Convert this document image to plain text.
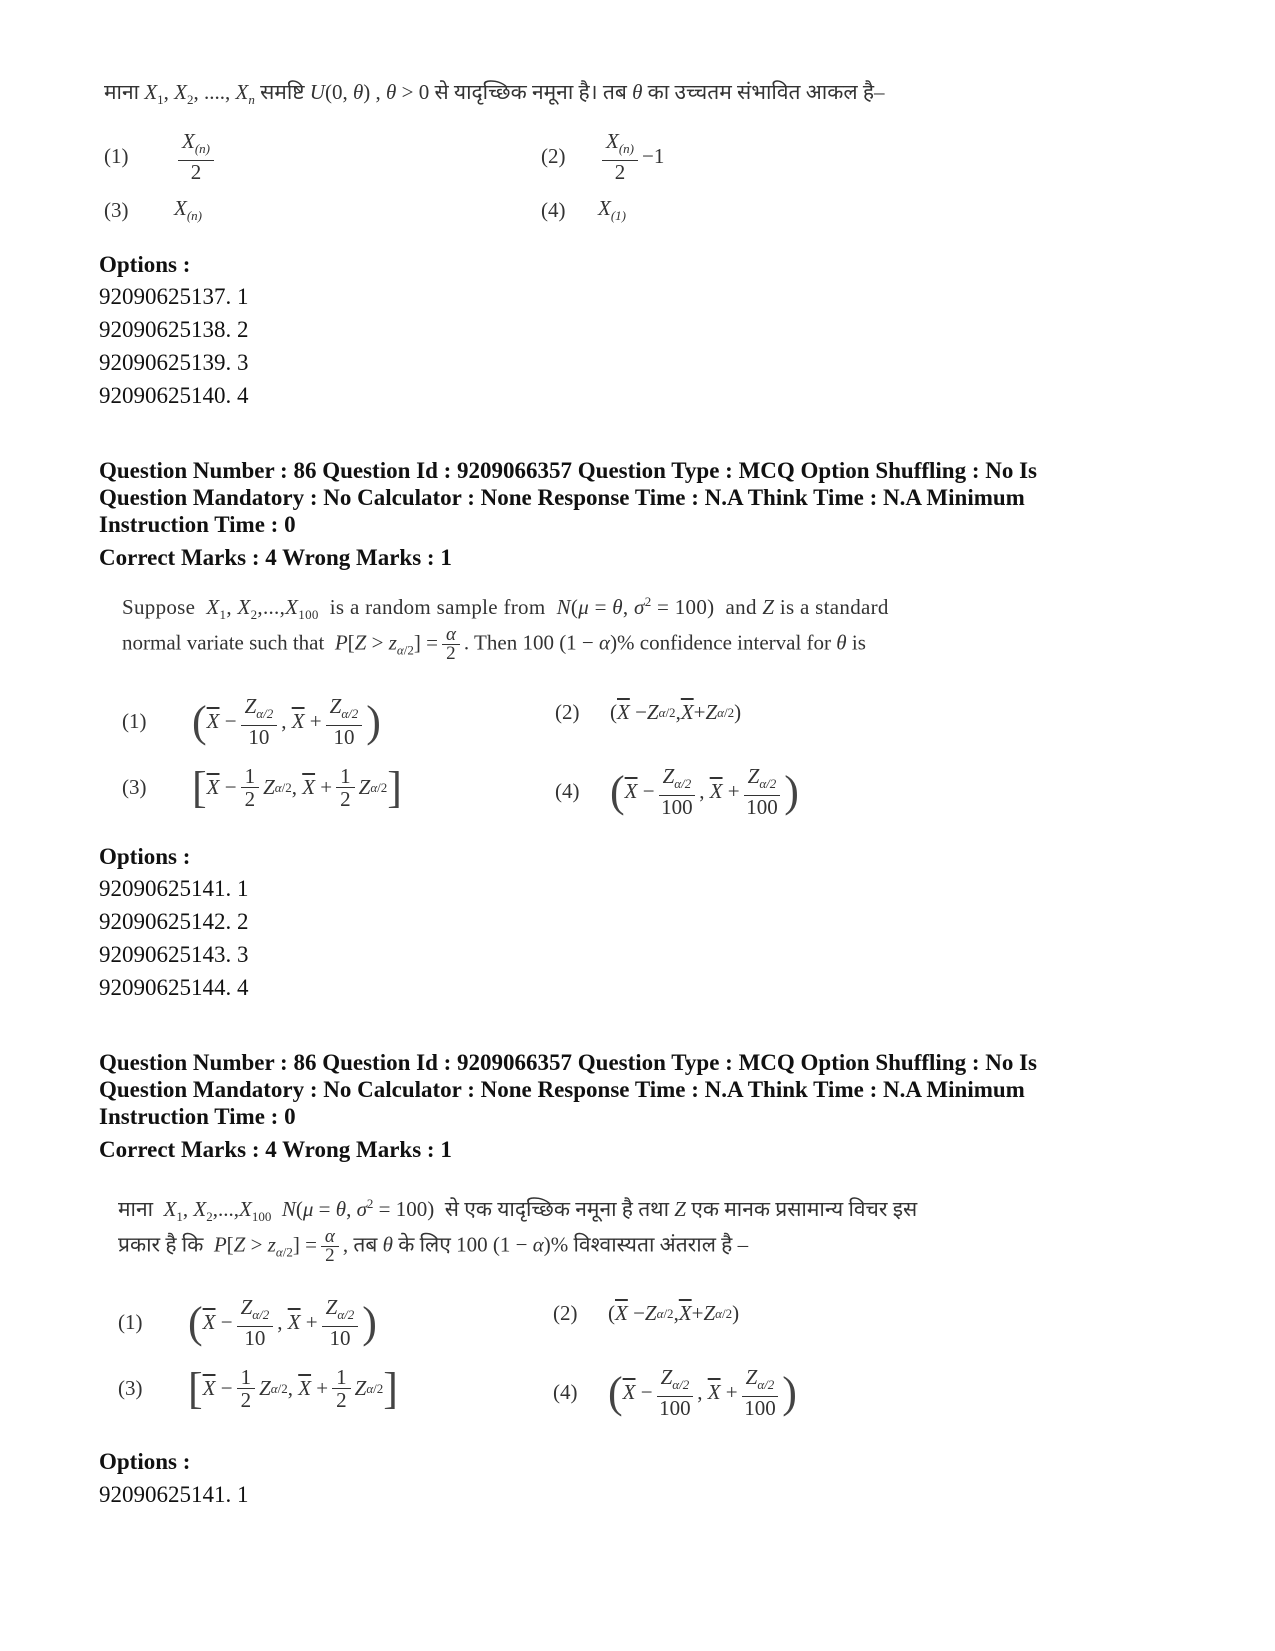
माना $X_1$, $X_2$, ...., $X_n$ समष्टि U(0, θ) , θ > 0 से यादृच्छिक नमूना है। तब θ का उच्चतम संभावित आकल है–
(1)	$\frac{X_{(n)}}{2}$	(2)	$\frac{X_{(n)}}{2} -1$
(3)	$X_{(n)}$	(4)	$X_{(1)}$
Options :
92090625137. 1
92090625138. 2
92090625139. 3
92090625140. 4
Question Number : 86 Question Id : 9209066357 Question Type : MCQ Option Shuffling : No Is
Question Mandatory : No Calculator : None Response Time : N.A Think Time : N.A Minimum
Instruction Time : 0
Correct Marks : 4 Wrong Marks : 1
Suppose  $X_1$, $X_2,...,X_{100}$  is a random sample from  N(μ = θ, $\sigma^2 = 100$)  and Z is a standard
normal variate such that  $P[Z > z_{\alpha/2}] = \frac{\alpha}{2}$ . Then 100 (1 − α)% confidence interval for θ is
(1)	( $\overline{X} - \frac{Z_{\alpha/2}}{10}$ , $\overline{X} + \frac{Z_{\alpha/2}}{10}$ )	(2)	( $\overline{X} - Z$ α/2 , $\overline{X} + Z$ α/2 )
(3)	[ $\overline{X} - \frac{1}{2}$ Z α/2 , $\overline{X} + \frac{1}{2}$ Z α/2 ]	(4) ( $\overline{X} - \frac{Z_{\alpha/2}}{100}$ , $\overline{X} + \frac{Z_{\alpha/2}}{100}$ )
Options :
92090625141. 1
92090625142. 2
92090625143. 3
92090625144. 4
Question Number : 86 Question Id : 9209066357 Question Type : MCQ Option Shuffling : No Is
Question Mandatory : No Calculator : None Response Time : N.A Think Time : N.A Minimum
Instruction Time : 0
Correct Marks : 4 Wrong Marks : 1
माना  $X_1$, $X_2,...,X_{100}$ N(μ = θ, $\sigma^2 = 100$)  से एक यादृच्छिक नमूना है तथा Z एक मानक प्रसामान्य विचर इस
प्रकार है कि  $P[Z > z_{\alpha/2}] = \frac{\alpha}{2}$ , तब θ के लिए 100 (1 − α)% विश्वास्यता अंतराल है –
(1)	( $\overline{X} - \frac{Z_{\alpha/2}}{10}$ , $\overline{X} + \frac{Z_{\alpha/2}}{10}$ )	(2)	( $\overline{X} - Z$ α/2 , $\overline{X} + Z$ α/2 )
(3)	[ $\overline{X} - \frac{1}{2}$ Z α/2 , $\overline{X} + \frac{1}{2}$ Z α/2 ]	(4) ( $\overline{X} - \frac{Z_{\alpha/2}}{100}$ , $\overline{X} + \frac{Z_{\alpha/2}}{100}$ )
Options :
92090625141. 1
